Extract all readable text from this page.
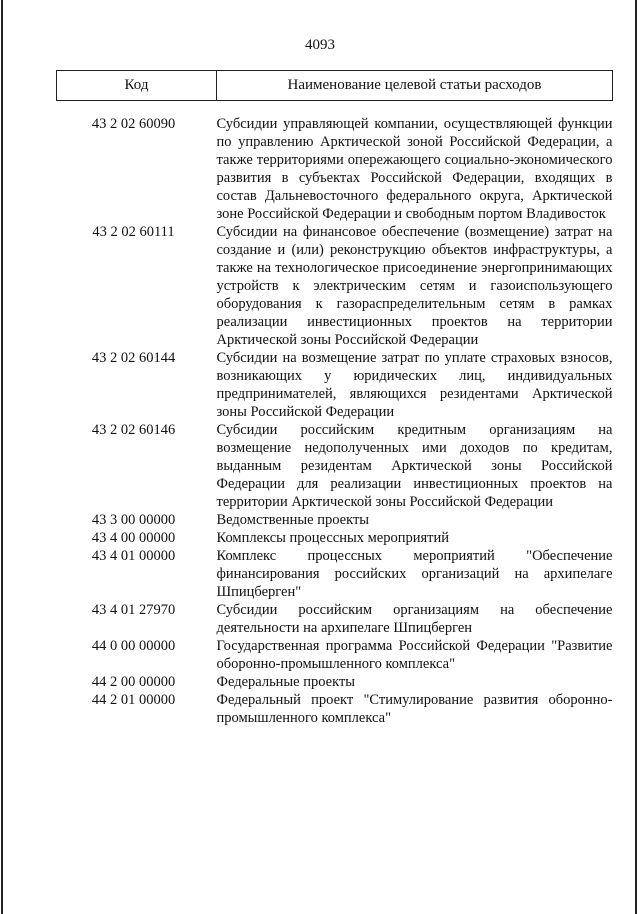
4093
Код	Наименование целевой статьи расходов
43 2 02 60090	Субсидии управляющей компании, осуществляющей функции по управлению Арктической зоной Российской Федерации, а также территориями опережающего социально-экономического развития в субъектах Российской Федерации, входящих в состав Дальневосточного федерального округа, Арктической зоне Российской Федерации и свободным портом Владивосток
43 2 02 60111	Субсидии на финансовое обеспечение (возмещение) затрат на создание и (или) реконструкцию объектов инфраструктуры, а также на технологическое присоединение энергопринимающих устройств к электрическим сетям и газоиспользующего оборудования к газораспределительным сетям в рамках реализации инвестиционных проектов на территории Арктической зоны Российской Федерации
43 2 02 60144	Субсидии на возмещение затрат по уплате страховых взносов, возникающих у юридических лиц, индивидуальных предпринимателей, являющихся резидентами Арктической зоны Российской Федерации
43 2 02 60146	Субсидии российским кредитным организациям на возмещение недополученных ими доходов по кредитам, выданным резидентам Арктической зоны Российской Федерации для реализации инвестиционных проектов на территории Арктической зоны Российской Федерации
43 3 00 00000	Ведомственные проекты
43 4 00 00000	Комплексы процессных мероприятий
43 4 01 00000	Комплекс процессных мероприятий "Обеспечение финансирования российских организаций на архипелаге Шпицберген"
43 4 01 27970	Субсидии российским организациям на обеспечение деятельности на архипелаге Шпицберген
44 0 00 00000	Государственная программа Российской Федерации "Развитие оборонно-промышленного комплекса"
44 2 00 00000	Федеральные проекты
44 2 01 00000	Федеральный проект "Стимулирование развития оборонно-промышленного комплекса"
